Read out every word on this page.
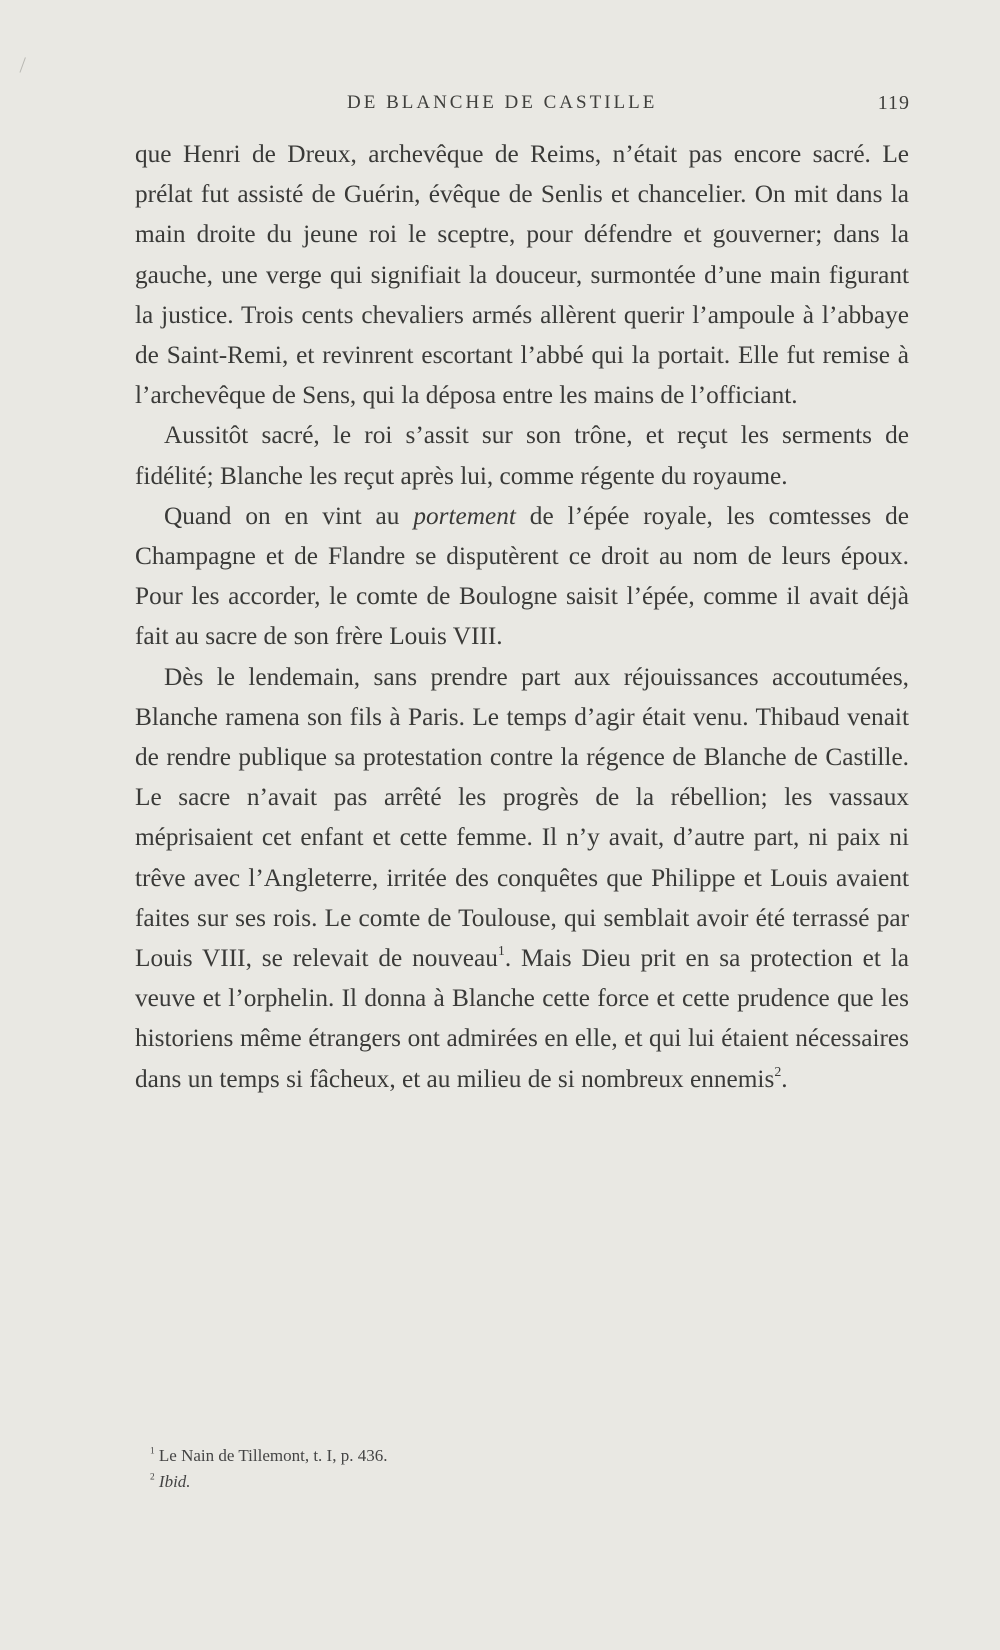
DE BLANCHE DE CASTILLE	119

que Henri de Dreux, archevêque de Reims, n’était pas encore sacré. Le prélat fut assisté de Guérin, évêque de Senlis et chancelier. On mit dans la main droite du jeune roi le sceptre, pour défendre et gouverner; dans la gauche, une verge qui signifiait la douceur, surmontée d’une main figurant la justice. Trois cents chevaliers armés allèrent querir l’ampoule à l’abbaye de Saint-Remi, et revinrent escortant l’abbé qui la portait. Elle fut remise à l’archevêque de Sens, qui la déposa entre les mains de l’officiant.

Aussitôt sacré, le roi s’assit sur son trône, et reçut les serments de fidélité; Blanche les reçut après lui, comme régente du royaume.

Quand on en vint au portement de l’épée royale, les comtesses de Champagne et de Flandre se disputèrent ce droit au nom de leurs époux. Pour les accorder, le comte de Boulogne saisit l’épée, comme il avait déjà fait au sacre de son frère Louis VIII.

Dès le lendemain, sans prendre part aux réjouissances accoutumées, Blanche ramena son fils à Paris. Le temps d’agir était venu. Thibaud venait de rendre publique sa protestation contre la régence de Blanche de Castille. Le sacre n’avait pas arrêté les progrès de la rébellion; les vassaux méprisaient cet enfant et cette femme. Il n’y avait, d’autre part, ni paix ni trêve avec l’Angleterre, irritée des conquêtes que Philippe et Louis avaient faites sur ses rois. Le comte de Toulouse, qui semblait avoir été terrassé par Louis VIII, se relevait de nouveau$^1$. Mais Dieu prit en sa protection et la veuve et l’orphelin. Il donna à Blanche cette force et cette prudence que les historiens même étrangers ont admirées en elle, et qui lui étaient nécessaires dans un temps si fâcheux, et au milieu de si nombreux ennemis$^2$.

$^1$ Le Nain de Tillemont, t. I, p. 436.

$^2$ Ibid.
